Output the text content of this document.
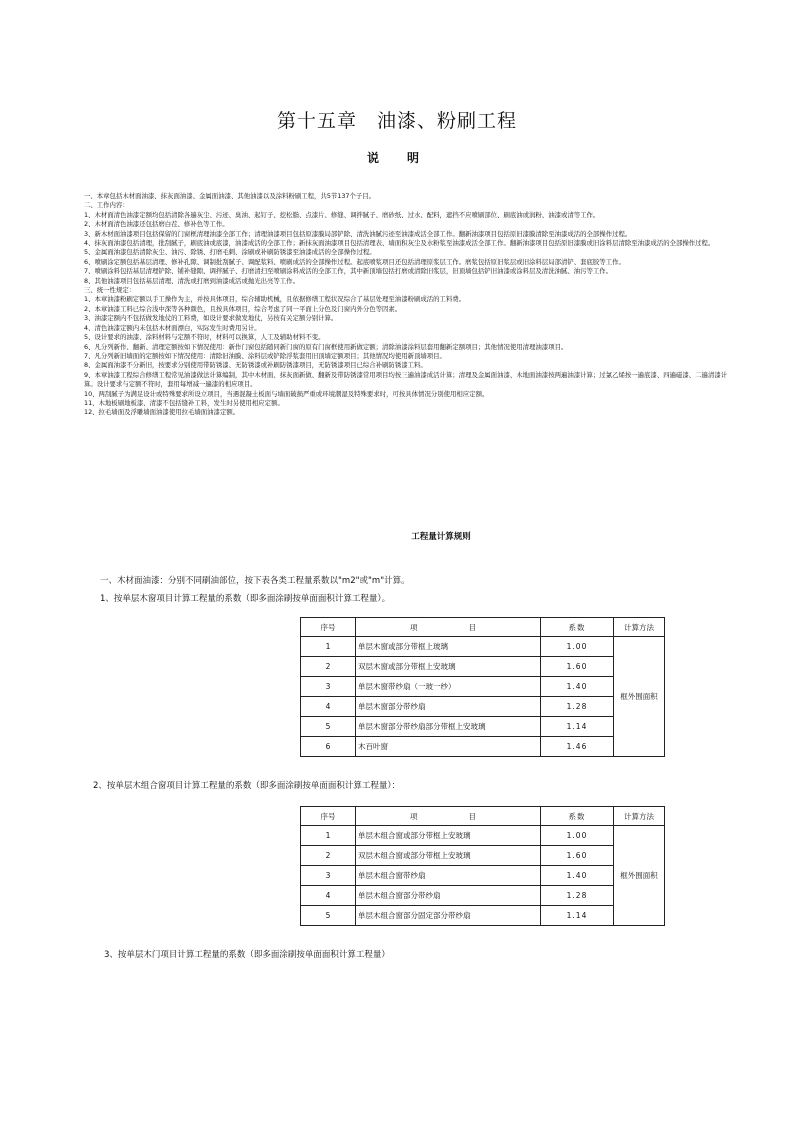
第十五章　油漆、粉刷工程
说　明
一、本章包括木材面油漆、抹灰面油漆、金属面油漆、其他油漆以及涂料粉刷工程，共5节137个子目。
二、工作内容：
1、木材面清色油漆定额均包括清除各遍灰尘、污迹、臭油、起钉子、挖松脂、点漆片、修缝、调拌腻子、磨砂纸、过水、配料，遮挡不应喷刷部位、刷底油或润粉、油漆或清等工作。
2、木材面清色油漆还包括磨白茬、修补色等工作。
3、新木材面油漆项目包括保留的门窗框清理油漆全部工作；清理油漆项目包括原漆膜局部铲除、清洗油腻污迹至油漆成活全部工作。翻新油漆项目包括原旧漆膜清除至油漆成活的全部操作过程。
4、抹灰面油漆包括清理，批刮腻子，刷底油或底漆，油漆成活的全部工作；新抹灰面油漆项目包括清理表、墙面积灰尘及水粉浆至油漆成活全部工作。翻新油漆项目包括原旧漆膜或旧涂料层清除至油漆成活的全部操作过程。
5、金属面油漆包括清除灰尘、油污、除锈、打磨毛刺、涂刷或补刷防锈漆至油漆成活的全部操作过程。
6、喷刷涂定额包括基层清理、修补孔隙、调制批刮腻子、调配浆料、喷刷成活的全部操作过程。起底喷浆项目还包括清理原浆层工作。磨浆包括原旧浆层或旧涂料层局部清铲、套底胶等工作。
7、喷刷涂料包括基层清理铲除、铺补缝隙、调拌腻子、打磨清扫至喷刷涂料成活的全部工作，其中新顶墙包括打磨或清除旧浆层，旧顶墙包括铲旧油漆或涂料层及清洗油腻、油污等工作。
8、其他油漆项目包括基层清理、清洗或打磨到油漆成活或抛光出亮等工作。
三、统一性规定：
1、本章油漆粉刷定额以手工操作为主，并按具体项目，综合辅助机械，且依据修缮工程状况综合了基层处理至油漆粉刷成活的工料费。
2、本章油漆工料已综合浅中深等各种颜色，且按具体项目，综合考虑了同一平面上分色及门窗内外分色等因素。
3、油漆定额内不包括做发地仗的工料费，如设计要求做发地仗，另按有关定额分别计算。
4、清色油漆定额内未包括木材面漂白，实际发生时费用另计。
5、设计要求的油漆、涂料材料与定额不符时，材料可以换算，人工及辅助材料不变。
6、凡分列新作、翻新、清理定额按如下情况使用：新作门窗包括随同新门窗的原有门窗框使用新做定额；清除油漆涂料层套用翻新定额项目；其他情况使用清理油漆项目。
7、凡分列新旧墙面的定额按如下情况使用：清除旧油膜、涂料层或铲除浮浆套用旧顶墙定额项目；其他情况均使用新顶墙项目。
8、金属面油漆不分新旧，按要求分别使用带防锈漆、无防锈漆或补刷防锈漆项目，无防锈漆项目已综合补刷防锈漆工料。
9、本章油漆工程综合修缮工程常见油漆做法计算编制，其中木材面、抹灰面新做、翻新及带防锈漆常用项目均按三遍油漆成活计算；清理及金属面油漆、木地面油漆按两遍油漆计算；过氯乙烯按一遍底漆、四遍磁漆、二遍清漆计算。设计要求与定额不符时，套用每增减一遍漆的相应项目。
10、两刮腻子为满足设计或特殊要求所设立项目，当遇混凝土板面与墙面破损严重或环境潮湿及特殊要求时，可按具体情况分别使用相应定额。
11、木地板刷地板漆、清漆不包括缝补工料，发生时另使用相应定额。
12、拉毛墙面及浮雕墙面油漆使用拉毛墙面油漆定额。
工程量计算规则
一、木材面油漆：分别不同刷油部位，按下表各类工程量系数以"m2"或"m"计算。
1、按单层木窗项目计算工程量的系数（即多面涂刷按单面面积计算工程量）。
序号	项　　目	系数	计算方法
1	单层木窗或部分带框上玻璃	1.00	框外围面积
2	双层木窗或部分带框上安玻璃	1.60	
3	单层木窗带纱扇（一玻一纱）	1.40	
4	单层木窗部分带纱扇	1.28	
5	单层木窗部分带纱扇部分带框上安玻璃	1.14	
6	木百叶窗	1.46	
2、按单层木组合窗项目计算工程量的系数（即多面涂刷按单面面积计算工程量）：
序号	项　　目	系数	计算方法
1	单层木组合窗或部分带框上安玻璃	1.00	框外围面积
2	双层木组合窗或部分带框上安玻璃	1.60	
3	单层木组合窗带纱扇	1.40	
4	单层木组合窗部分带纱扇	1.28	
5	单层木组合窗部分固定部分带纱扇	1.14	
3、按单层木门项目计算工程量的系数（即多面涂刷按单面面积计算工程量）
